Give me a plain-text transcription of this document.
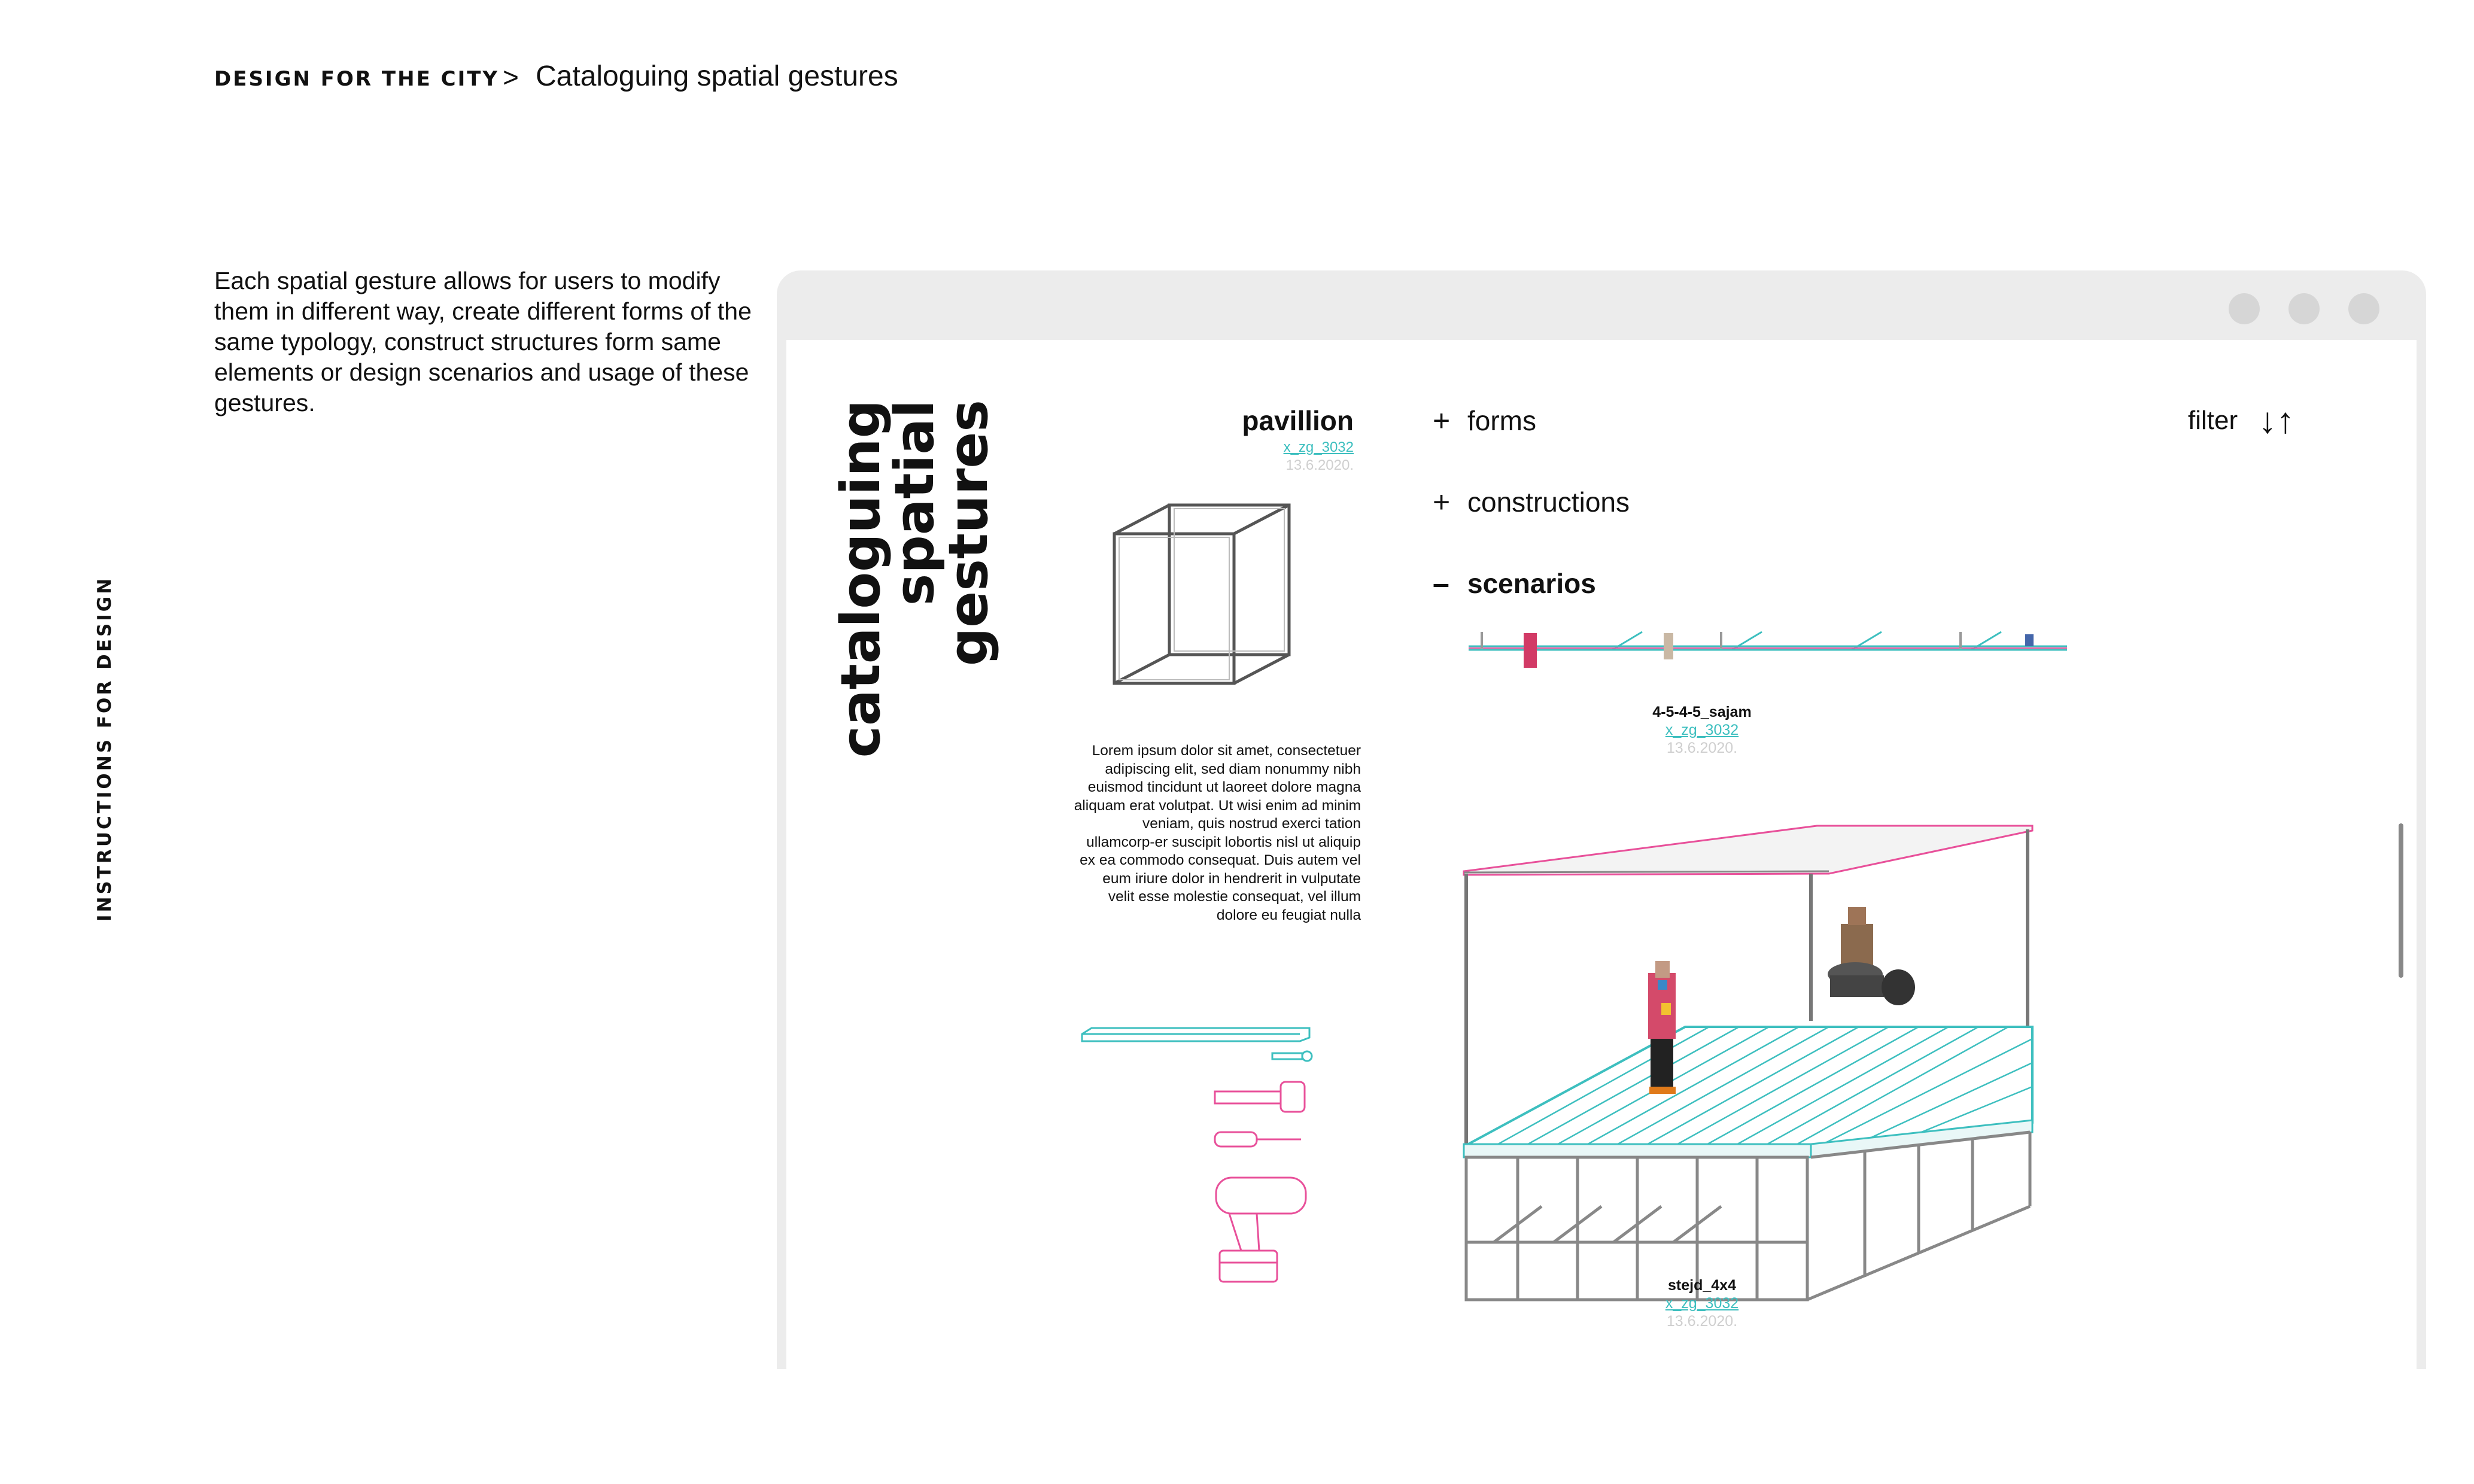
DESIGN FOR THE CITY > Cataloguing spatial gestures
Each spatial gesture allows for users to modify them in different way, create different forms of the same typology, construct structures form same elements or design scenarios and usage of these gestures.
INSTRUCTIONS FOR DESIGN	cataloguing
spatial
gestures	pavillion
x_zg_3032
13.6.2020.
Lorem ipsum dolor sit amet, consectetuer adipiscing elit, sed diam nonummy nibh euismod tincidunt ut laoreet dolore magna aliquam erat volutpat. Ut wisi enim ad minim veniam, quis nostrud exerci tation ullamcorp-er suscipit lobortis nisl ut aliquip ex ea commodo consequat. Duis autem vel eum iriure dolor in hendrerit in vulputate velit esse molestie consequat, vel illum dolore eu feugiat nulla
+ forms
+ constructions
– scenarios
filter ↓↑
4-5-4-5_sajam
x_zg_3032
13.6.2020.
stejd_4x4
x_zg_3032
13.6.2020.
